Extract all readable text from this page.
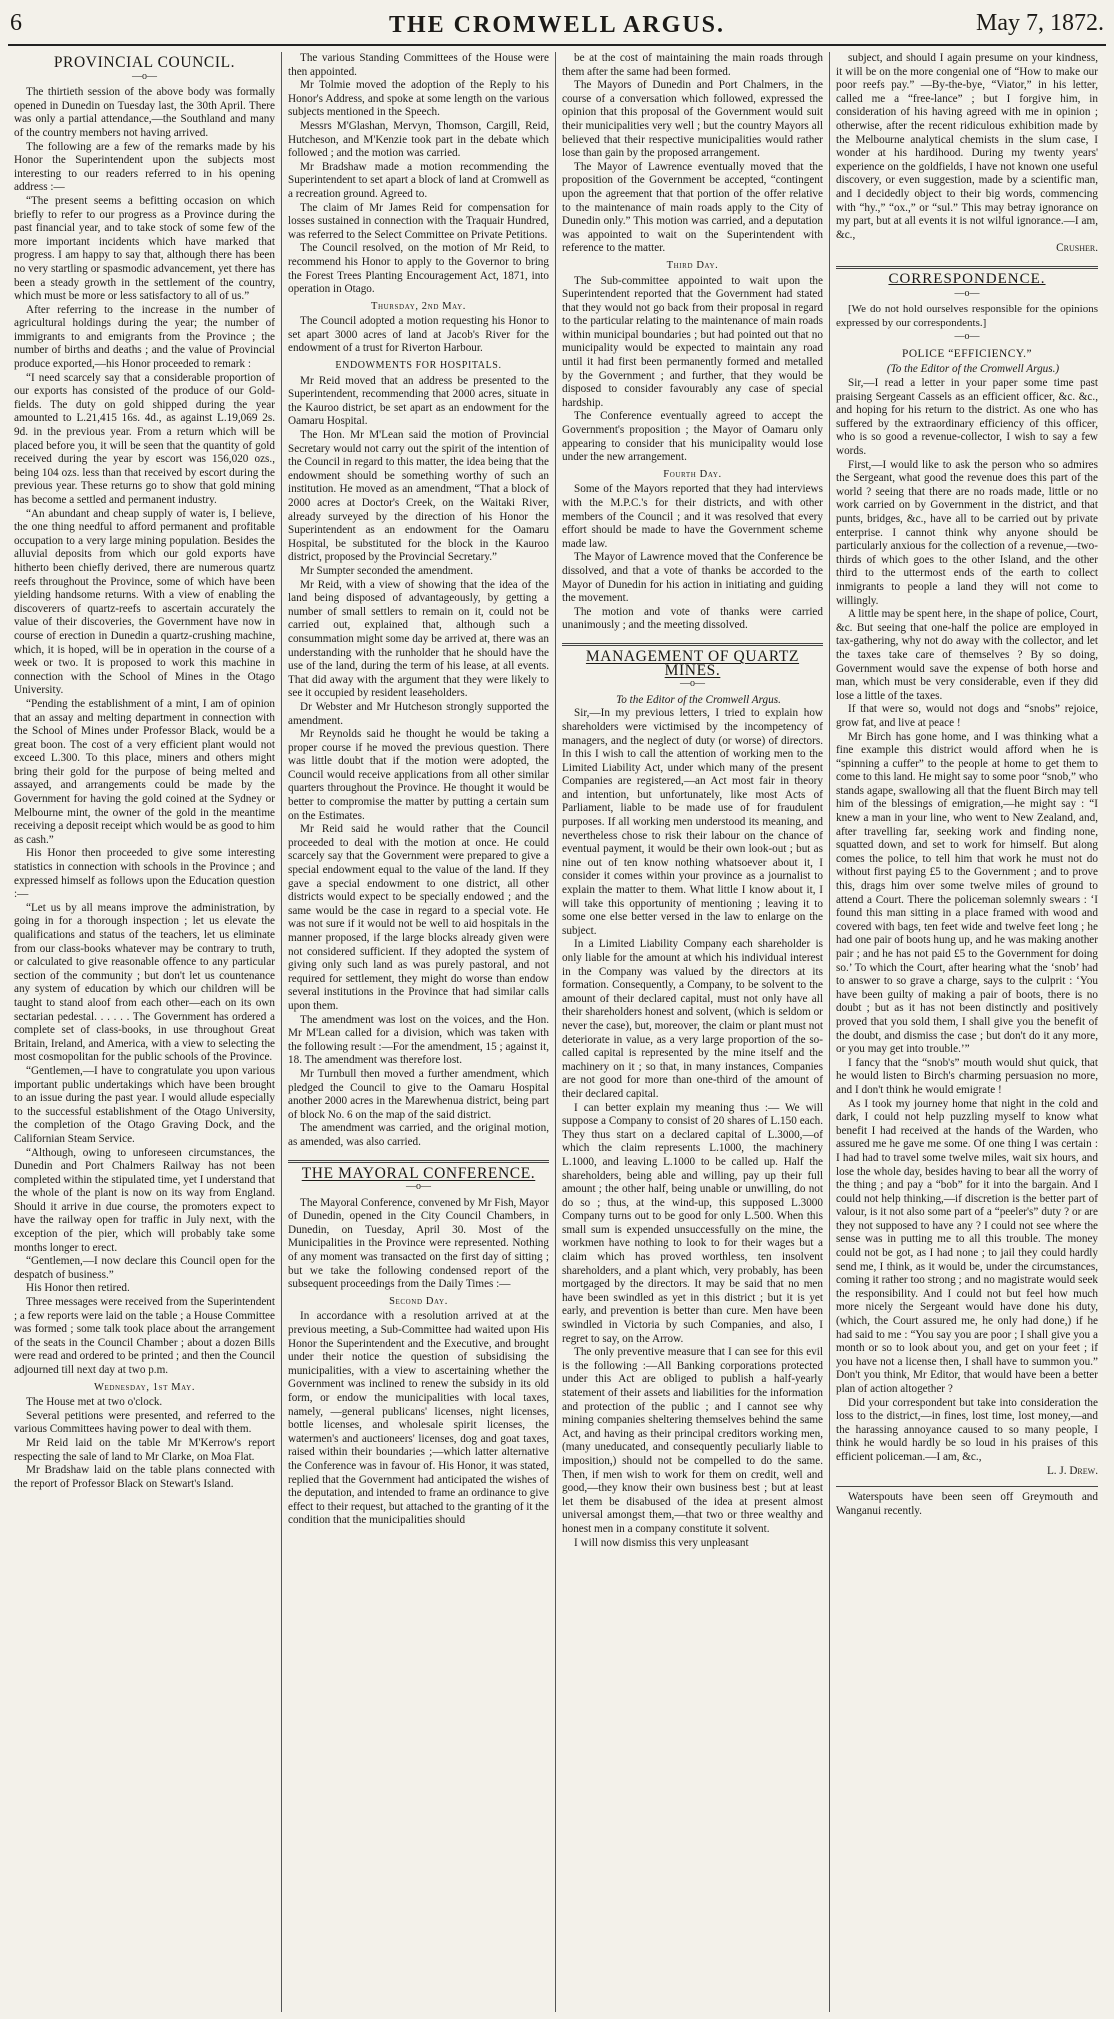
6	THE CROMWELL ARGUS.	May 7, 1872.
PROVINCIAL COUNCIL.
—o—

The thirtieth session of the above body was formally opened in Dunedin on Tuesday last, the 30th April. There was only a partial attendance,—the Southland and many of the country members not having arrived.

The following are a few of the remarks made by his Honor the Superintendent upon the subjects most interesting to our readers referred to in his opening address :—

“The present seems a befitting occasion on which briefly to refer to our progress as a Province during the past financial year, and to take stock of some few of the more important incidents which have marked that progress. I am happy to say that, although there has been no very startling or spasmodic advancement, yet there has been a steady growth in the settlement of the country, which must be more or less satisfactory to all of us.”

After referring to the increase in the number of agricultural holdings during the year; the number of immigrants to and emigrants from the Province ; the number of births and deaths ; and the value of Provincial produce exported,—his Honor proceeded to remark :

“I need scarcely say that a considerable proportion of our exports has consisted of the produce of our Gold-fields. The duty on gold shipped during the year amounted to L.21,415 16s. 4d., as against L.19,069 2s. 9d. in the previous year. From a return which will be placed before you, it will be seen that the quantity of gold received during the year by escort was 156,020 ozs., being 104 ozs. less than that received by escort during the previous year. These returns go to show that gold mining has become a settled and permanent industry.

“An abundant and cheap supply of water is, I believe, the one thing needful to afford permanent and profitable occupation to a very large mining population. Besides the alluvial deposits from which our gold exports have hitherto been chiefly derived, there are numerous quartz reefs throughout the Province, some of which have been yielding handsome returns. With a view of enabling the discoverers of quartz-reefs to ascertain accurately the value of their discoveries, the Government have now in course of erection in Dunedin a quartz-crushing machine, which, it is hoped, will be in operation in the course of a week or two. It is proposed to work this machine in connection with the School of Mines in the Otago University.

“Pending the establishment of a mint, I am of opinion that an assay and melting department in connection with the School of Mines under Professor Black, would be a great boon. The cost of a very efficient plant would not exceed L.300. To this place, miners and others might bring their gold for the purpose of being melted and assayed, and arrangements could be made by the Government for having the gold coined at the Sydney or Melbourne mint, the owner of the gold in the meantime receiving a deposit receipt which would be as good to him as cash.”

His Honor then proceeded to give some interesting statistics in connection with schools in the Province ; and expressed himself as follows upon the Education question :—

“Let us by all means improve the administration, by going in for a thorough inspection ; let us elevate the qualifications and status of the teachers, let us eliminate from our class-books whatever may be contrary to truth, or calculated to give reasonable offence to any particular section of the community ; but don't let us countenance any system of education by which our children will be taught to stand aloof from each other—each on its own sectarian pedestal. . . . . . The Government has ordered a complete set of class-books, in use throughout Great Britain, Ireland, and America, with a view to selecting the most cosmopolitan for the public schools of the Province.

“Gentlemen,—I have to congratulate you upon various important public undertakings which have been brought to an issue during the past year. I would allude especially to the successful establishment of the Otago University, the completion of the Otago Graving Dock, and the Californian Steam Service.

“Although, owing to unforeseen circumstances, the Dunedin and Port Chalmers Railway has not been completed within the stipulated time, yet I understand that the whole of the plant is now on its way from England. Should it arrive in due course, the promoters expect to have the railway open for traffic in July next, with the exception of the pier, which will probably take some months longer to erect.

“Gentlemen,—I now declare this Council open for the despatch of business.”

His Honor then retired.

Three messages were received from the Superintendent ; a few reports were laid on the table ; a House Committee was formed ; some talk took place about the arrangement of the seats in the Council Chamber ; about a dozen Bills were read and ordered to be printed ; and then the Council adjourned till next day at two p.m.

Wednesday, 1st May.

The House met at two o'clock.

Several petitions were presented, and referred to the various Committees having power to deal with them.

Mr Reid laid on the table Mr M'Kerrow's report respecting the sale of land to Mr Clarke, on Moa Flat.

Mr Bradshaw laid on the table plans connected with the report of Professor Black on Stewart's Island.

The various Standing Committees of the House were then appointed.

Mr Tolmie moved the adoption of the Reply to his Honor's Address, and spoke at some length on the various subjects mentioned in the Speech.

Messrs M'Glashan, Mervyn, Thomson, Cargill, Reid, Hutcheson, and M'Kenzie took part in the debate which followed ; and the motion was carried.

Mr Bradshaw made a motion recommending the Superintendent to set apart a block of land at Cromwell as a recreation ground. Agreed to.

The claim of Mr James Reid for compensation for losses sustained in connection with the Traquair Hundred, was referred to the Select Committee on Private Petitions.

The Council resolved, on the motion of Mr Reid, to recommend his Honor to apply to the Governor to bring the Forest Trees Planting Encouragement Act, 1871, into operation in Otago.

Thursday, 2nd May.

The Council adopted a motion requesting his Honor to set apart 3000 acres of land at Jacob's River for the endowment of a trust for Riverton Harbour.

ENDOWMENTS FOR HOSPITALS.

Mr Reid moved that an address be presented to the Superintendent, recommending that 2000 acres, situate in the Kauroo district, be set apart as an endowment for the Oamaru Hospital.

The Hon. Mr M'Lean said the motion of Provincial Secretary would not carry out the spirit of the intention of the Council in regard to this matter, the idea being that the endowment should be something worthy of such an institution. He moved as an amendment, “That a block of 2000 acres at Doctor's Creek, on the Waitaki River, already surveyed by the direction of his Honor the Superintendent as an endowment for the Oamaru Hospital, be substituted for the block in the Kauroo district, proposed by the Provincial Secretary.”

Mr Sumpter seconded the amendment.

Mr Reid, with a view of showing that the idea of the land being disposed of advantageously, by getting a number of small settlers to remain on it, could not be carried out, explained that, although such a consummation might some day be arrived at, there was an understanding with the runholder that he should have the use of the land, during the term of his lease, at all events. That did away with the argument that they were likely to see it occupied by resident leaseholders.

Dr Webster and Mr Hutcheson strongly supported the amendment.

Mr Reynolds said he thought he would be taking a proper course if he moved the previous question. There was little doubt that if the motion were adopted, the Council would receive applications from all other similar quarters throughout the Province. He thought it would be better to compromise the matter by putting a certain sum on the Estimates.

Mr Reid said he would rather that the Council proceeded to deal with the motion at once. He could scarcely say that the Government were prepared to give a special endowment equal to the value of the land. If they gave a special endowment to one district, all other districts would expect to be specially endowed ; and the same would be the case in regard to a special vote. He was not sure if it would not be well to aid hospitals in the manner proposed, if the large blocks already given were not considered sufficient. If they adopted the system of giving only such land as was purely pastoral, and not required for settlement, they might do worse than endow several institutions in the Province that had similar calls upon them.

The amendment was lost on the voices, and the Hon. Mr M'Lean called for a division, which was taken with the following result :—For the amendment, 15 ; against it, 18. The amendment was therefore lost.

Mr Turnbull then moved a further amendment, which pledged the Council to give to the Oamaru Hospital another 2000 acres in the Marewhenua district, being part of block No. 6 on the map of the said district.

The amendment was carried, and the original motion, as amended, was also carried.

THE MAYORAL CONFERENCE.
—o—

The Mayoral Conference, convened by Mr Fish, Mayor of Dunedin, opened in the City Council Chambers, in Dunedin, on Tuesday, April 30. Most of the Municipalities in the Province were represented. Nothing of any moment was transacted on the first day of sitting ; but we take the following condensed report of the subsequent proceedings from the Daily Times :—

Second Day.

In accordance with a resolution arrived at at the previous meeting, a Sub-Committee had waited upon His Honor the Superintendent and the Executive, and brought under their notice the question of subsidising the municipalities, with a view to ascertaining whether the Government was inclined to renew the subsidy in its old form, or endow the municipalities with local taxes, namely, —general publicans' licenses, night licenses, bottle licenses, and wholesale spirit licenses, the watermen's and auctioneers' licenses, dog and goat taxes, raised within their boundaries ;—which latter alternative the Conference was in favour of. His Honor, it was stated, replied that the Government had anticipated the wishes of the deputation, and intended to frame an ordinance to give effect to their request, but attached to the granting of it the condition that the municipalities should

be at the cost of maintaining the main roads through them after the same had been formed.

The Mayors of Dunedin and Port Chalmers, in the course of a conversation which followed, expressed the opinion that this proposal of the Government would suit their municipalities very well ; but the country Mayors all believed that their respective municipalities would rather lose than gain by the proposed arrangement.

The Mayor of Lawrence eventually moved that the proposition of the Government be accepted, “contingent upon the agreement that that portion of the offer relative to the maintenance of main roads apply to the City of Dunedin only.” This motion was carried, and a deputation was appointed to wait on the Superintendent with reference to the matter.

Third Day.

The Sub-committee appointed to wait upon the Superintendent reported that the Government had stated that they would not go back from their proposal in regard to the particular relating to the maintenance of main roads within municipal boundaries ; but had pointed out that no municipality would be expected to maintain any road until it had first been permanently formed and metalled by the Government ; and further, that they would be disposed to consider favourably any case of special hardship.

The Conference eventually agreed to accept the Government's proposition ; the Mayor of Oamaru only appearing to consider that his municipality would lose under the new arrangement.

Fourth Day.

Some of the Mayors reported that they had interviews with the M.P.C.'s for their districts, and with other members of the Council ; and it was resolved that every effort should be made to have the Government scheme made law.

The Mayor of Lawrence moved that the Conference be dissolved, and that a vote of thanks be accorded to the Mayor of Dunedin for his action in initiating and guiding the movement.

The motion and vote of thanks were carried unanimously ; and the meeting dissolved.

MANAGEMENT OF QUARTZ MINES.
—o—

To the Editor of the Cromwell Argus.

Sir,—In my previous letters, I tried to explain how shareholders were victimised by the incompetency of managers, and the neglect of duty (or worse) of directors. In this I wish to call the attention of working men to the Limited Liability Act, under which many of the present Companies are registered,—an Act most fair in theory and intention, but unfortunately, like most Acts of Parliament, liable to be made use of for fraudulent purposes. If all working men understood its meaning, and nevertheless chose to risk their labour on the chance of eventual payment, it would be their own look-out ; but as nine out of ten know nothing whatsoever about it, I consider it comes within your province as a journalist to explain the matter to them. What little I know about it, I will take this opportunity of mentioning ; leaving it to some one else better versed in the law to enlarge on the subject.

In a Limited Liability Company each shareholder is only liable for the amount at which his individual interest in the Company was valued by the directors at its formation. Consequently, a Company, to be solvent to the amount of their declared capital, must not only have all their shareholders honest and solvent, (which is seldom or never the case), but, moreover, the claim or plant must not deteriorate in value, as a very large proportion of the so-called capital is represented by the mine itself and the machinery on it ; so that, in many instances, Companies are not good for more than one-third of the amount of their declared capital.

I can better explain my meaning thus :— We will suppose a Company to consist of 20 shares of L.150 each. They thus start on a declared capital of L.3000,—of which the claim represents L.1000, the machinery L.1000, and leaving L.1000 to be called up. Half the shareholders, being able and willing, pay up their full amount ; the other half, being unable or unwilling, do not do so ; thus, at the wind-up, this supposed L.3000 Company turns out to be good for only L.500. When this small sum is expended unsuccessfully on the mine, the workmen have nothing to look to for their wages but a claim which has proved worthless, ten insolvent shareholders, and a plant which, very probably, has been mortgaged by the directors. It may be said that no men have been swindled as yet in this district ; but it is yet early, and prevention is better than cure. Men have been swindled in Victoria by such Companies, and also, I regret to say, on the Arrow.

The only preventive measure that I can see for this evil is the following :—All Banking corporations protected under this Act are obliged to publish a half-yearly statement of their assets and liabilities for the information and protection of the public ; and I cannot see why mining companies sheltering themselves behind the same Act, and having as their principal creditors working men, (many uneducated, and consequently peculiarly liable to imposition,) should not be compelled to do the same. Then, if men wish to work for them on credit, well and good,—they know their own business best ; but at least let them be disabused of the idea at present almost universal amongst them,—that two or three wealthy and honest men in a company constitute it solvent.

I will now dismiss this very unpleasant

subject, and should I again presume on your kindness, it will be on the more congenial one of “How to make our poor reefs pay.” —By-the-bye, “Viator,” in his letter, called me a “free-lance” ; but I forgive him, in consideration of his having agreed with me in opinion ; otherwise, after the recent ridiculous exhibition made by the Melbourne analytical chemists in the slum case, I wonder at his hardihood. During my twenty years' experience on the goldfields, I have not known one useful discovery, or even suggestion, made by a scientific man, and I decidedly object to their big words, commencing with “hy.,” “ox.,” or “sul.” This may betray ignorance on my part, but at all events it is not wilful ignorance.—I am, &c.,

Crusher.

CORRESPONDENCE.
—o—

[We do not hold ourselves responsible for the opinions expressed by our correspondents.]

—o—
POLICE “EFFICIENCY.”

(To the Editor of the Cromwell Argus.)

Sir,—I read a letter in your paper some time past praising Sergeant Cassels as an efficient officer, &c. &c., and hoping for his return to the district. As one who has suffered by the extraordinary efficiency of this officer, who is so good a revenue-collector, I wish to say a few words.

First,—I would like to ask the person who so admires the Sergeant, what good the revenue does this part of the world ? seeing that there are no roads made, little or no work carried on by Government in the district, and that punts, bridges, &c., have all to be carried out by private enterprise. I cannot think why anyone should be particularly anxious for the collection of a revenue,—two-thirds of which goes to the other Island, and the other third to the uttermost ends of the earth to collect inmigrants to people a land they will not come to willingly.

A little may be spent here, in the shape of police, Court, &c. But seeing that one-half the police are employed in tax-gathering, why not do away with the collector, and let the taxes take care of themselves ? By so doing, Government would save the expense of both horse and man, which must be very considerable, even if they did lose a little of the taxes.

If that were so, would not dogs and “snobs” rejoice, grow fat, and live at peace !

Mr Birch has gone home, and I was thinking what a fine example this district would afford when he is “spinning a cuffer” to the people at home to get them to come to this land. He might say to some poor “snob,” who stands agape, swallowing all that the fluent Birch may tell him of the blessings of emigration,—he might say : “I knew a man in your line, who went to New Zealand, and, after travelling far, seeking work and finding none, squatted down, and set to work for himself. But along comes the police, to tell him that work he must not do without first paying £5 to the Government ; and to prove this, drags him over some twelve miles of ground to attend a Court. There the policeman solemnly swears : ‘I found this man sitting in a place framed with wood and covered with bags, ten feet wide and twelve feet long ; he had one pair of boots hung up, and he was making another pair ; and he has not paid £5 to the Government for doing so.’ To which the Court, after hearing what the ‘snob’ had to answer to so grave a charge, says to the culprit : ‘You have been guilty of making a pair of boots, there is no doubt ; but as it has not been distinctly and positively proved that you sold them, I shall give you the benefit of the doubt, and dismiss the case ; but don't do it any more, or you may get into trouble.’”

I fancy that the “snob's” mouth would shut quick, that he would listen to Birch's charming persuasion no more, and I don't think he would emigrate !

As I took my journey home that night in the cold and dark, I could not help puzzling myself to know what benefit I had received at the hands of the Warden, who assured me he gave me some. Of one thing I was certain : I had had to travel some twelve miles, wait six hours, and lose the whole day, besides having to bear all the worry of the thing ; and pay a “bob” for it into the bargain. And I could not help thinking,—if discretion is the better part of valour, is it not also some part of a “peeler's” duty ? or are they not supposed to have any ? I could not see where the sense was in putting me to all this trouble. The money could not be got, as I had none ; to jail they could hardly send me, I think, as it would be, under the circumstances, coming it rather too strong ; and no magistrate would seek the responsibility. And I could not but feel how much more nicely the Sergeant would have done his duty, (which, the Court assured me, he only had done,) if he had said to me : “You say you are poor ; I shall give you a month or so to look about you, and get on your feet ; if you have not a license then, I shall have to summon you.” Don't you think, Mr Editor, that would have been a better plan of action altogether ?

Did your correspondent but take into consideration the loss to the district,—in fines, lost time, lost money,—and the harassing annoyance caused to so many people, I think he would hardly be so loud in his praises of this efficient policeman.—I am, &c.,

L. J. Drew.

Waterspouts have been seen off Greymouth and Wanganui recently.
